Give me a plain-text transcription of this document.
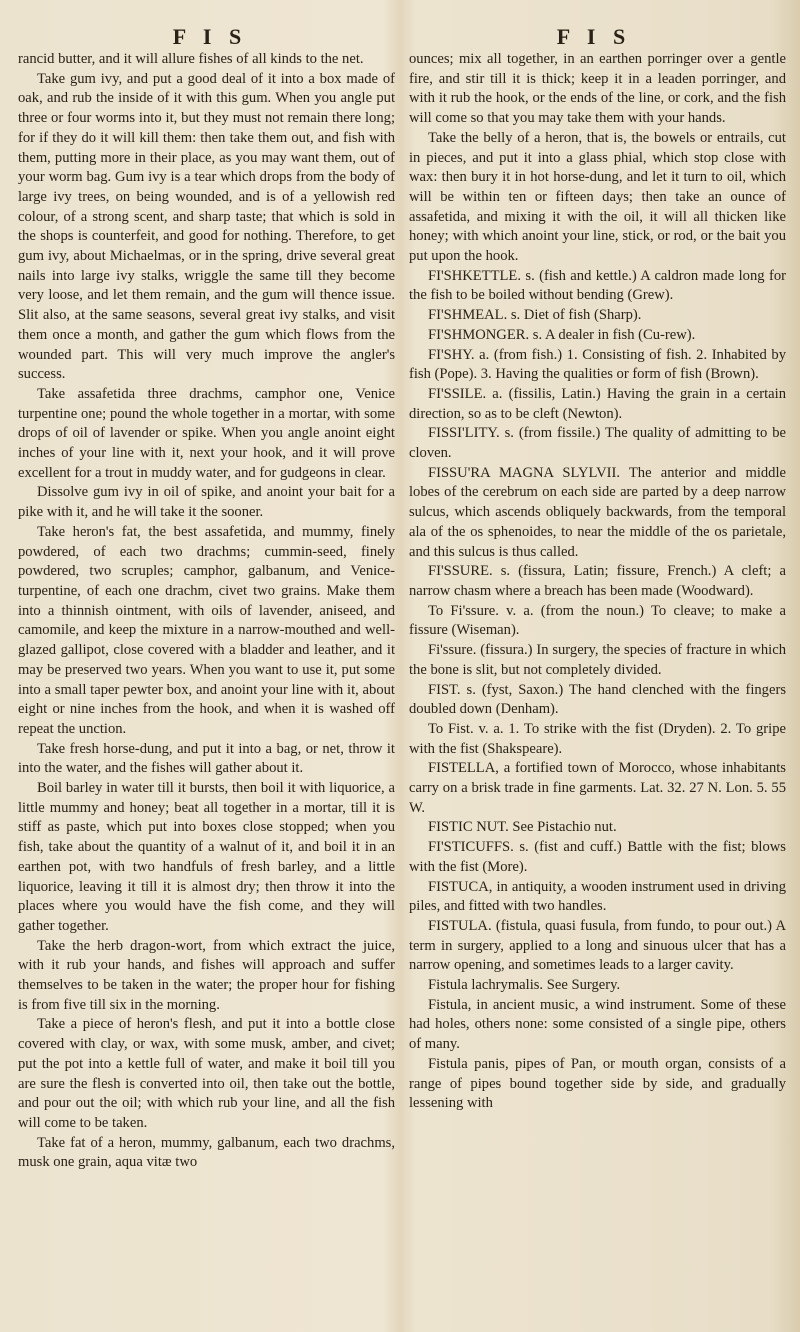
F I S	F I S

rancid butter, and it will allure fishes of all kinds to the net.

Take gum ivy, and put a good deal of it into a box made of oak, and rub the inside of it with this gum. When you angle put three or four worms into it, but they must not remain there long; for if they do it will kill them: then take them out, and fish with them, putting more in their place, as you may want them, out of your worm bag. Gum ivy is a tear which drops from the body of large ivy trees, on being wounded, and is of a yellowish red colour, of a strong scent, and sharp taste; that which is sold in the shops is counterfeit, and good for nothing. Therefore, to get gum ivy, about Michaelmas, or in the spring, drive several great nails into large ivy stalks, wriggle the same till they become very loose, and let them remain, and the gum will thence issue. Slit also, at the same seasons, several great ivy stalks, and visit them once a month, and gather the gum which flows from the wounded part. This will very much improve the angler's success.

Take assafetida three drachms, camphor one, Venice turpentine one; pound the whole together in a mortar, with some drops of oil of lavender or spike. When you angle anoint eight inches of your line with it, next your hook, and it will prove excellent for a trout in muddy water, and for gudgeons in clear.

Dissolve gum ivy in oil of spike, and anoint your bait for a pike with it, and he will take it the sooner.

Take heron's fat, the best assafetida, and mummy, finely powdered, of each two drachms; cummin-seed, finely powdered, two scruples; camphor, galbanum, and Venice-turpentine, of each one drachm, civet two grains. Make them into a thinnish ointment, with oils of lavender, aniseed, and camomile, and keep the mixture in a narrow-mouthed and well-glazed gallipot, close covered with a bladder and leather, and it may be preserved two years. When you want to use it, put some into a small taper pewter box, and anoint your line with it, about eight or nine inches from the hook, and when it is washed off repeat the unction.

Take fresh horse-dung, and put it into a bag, or net, throw it into the water, and the fishes will gather about it.

Boil barley in water till it bursts, then boil it with liquorice, a little mummy and honey; beat all together in a mortar, till it is stiff as paste, which put into boxes close stopped; when you fish, take about the quantity of a walnut of it, and boil it in an earthen pot, with two handfuls of fresh barley, and a little liquorice, leaving it till it is almost dry; then throw it into the places where you would have the fish come, and they will gather together.

Take the herb dragon-wort, from which extract the juice, with it rub your hands, and fishes will approach and suffer themselves to be taken in the water; the proper hour for fishing is from five till six in the morning.

Take a piece of heron's flesh, and put it into a bottle close covered with clay, or wax, with some musk, amber, and civet; put the pot into a kettle full of water, and make it boil till you are sure the flesh is converted into oil, then take out the bottle, and pour out the oil; with which rub your line, and all the fish will come to be taken.

Take fat of a heron, mummy, galbanum, each two drachms, musk one grain, aqua vitæ two

ounces; mix all together, in an earthen porringer over a gentle fire, and stir till it is thick; keep it in a leaden porringer, and with it rub the hook, or the ends of the line, or cork, and the fish will come so that you may take them with your hands.

Take the belly of a heron, that is, the bowels or entrails, cut in pieces, and put it into a glass phial, which stop close with wax: then bury it in hot horse-dung, and let it turn to oil, which will be within ten or fifteen days; then take an ounce of assafetida, and mixing it with the oil, it will all thicken like honey; with which anoint your line, stick, or rod, or the bait you put upon the hook.

FI'SHKETTLE. s. (fish and kettle.) A caldron made long for the fish to be boiled without bending (Grew).

FI'SHMEAL. s. Diet of fish (Sharp).

FI'SHMONGER. s. A dealer in fish (Cu-rew).

FI'SHY. a. (from fish.) 1. Consisting of fish. 2. Inhabited by fish (Pope). 3. Having the qualities or form of fish (Brown).

FI'SSILE. a. (fissilis, Latin.) Having the grain in a certain direction, so as to be cleft (Newton).

FISSI'LITY. s. (from fissile.) The quality of admitting to be cloven.

FISSU'RA MAGNA SLYLVII. The anterior and middle lobes of the cerebrum on each side are parted by a deep narrow sulcus, which ascends obliquely backwards, from the temporal ala of the os sphenoides, to near the middle of the os parietale, and this sulcus is thus called.

FI'SSURE. s. (fissura, Latin; fissure, French.) A cleft; a narrow chasm where a breach has been made (Woodward).

To Fi'ssure. v. a. (from the noun.) To cleave; to make a fissure (Wiseman).

Fi'ssure. (fissura.) In surgery, the species of fracture in which the bone is slit, but not completely divided.

FIST. s. (fyst, Saxon.) The hand clenched with the fingers doubled down (Denham).

To Fist. v. a. 1. To strike with the fist (Dryden). 2. To gripe with the fist (Shakspeare).

FISTELLA, a fortified town of Morocco, whose inhabitants carry on a brisk trade in fine garments. Lat. 32. 27 N. Lon. 5. 55 W.

FISTIC NUT. See Pistachio nut.

FI'STICUFFS. s. (fist and cuff.) Battle with the fist; blows with the fist (More).

FISTUCA, in antiquity, a wooden instrument used in driving piles, and fitted with two handles.

FISTULA. (fistula, quasi fusula, from fundo, to pour out.) A term in surgery, applied to a long and sinuous ulcer that has a narrow opening, and sometimes leads to a larger cavity.

Fistula lachrymalis. See Surgery.

Fistula, in ancient music, a wind instrument. Some of these had holes, others none: some consisted of a single pipe, others of many.

Fistula panis, pipes of Pan, or mouth organ, consists of a range of pipes bound together side by side, and gradually lessening with
